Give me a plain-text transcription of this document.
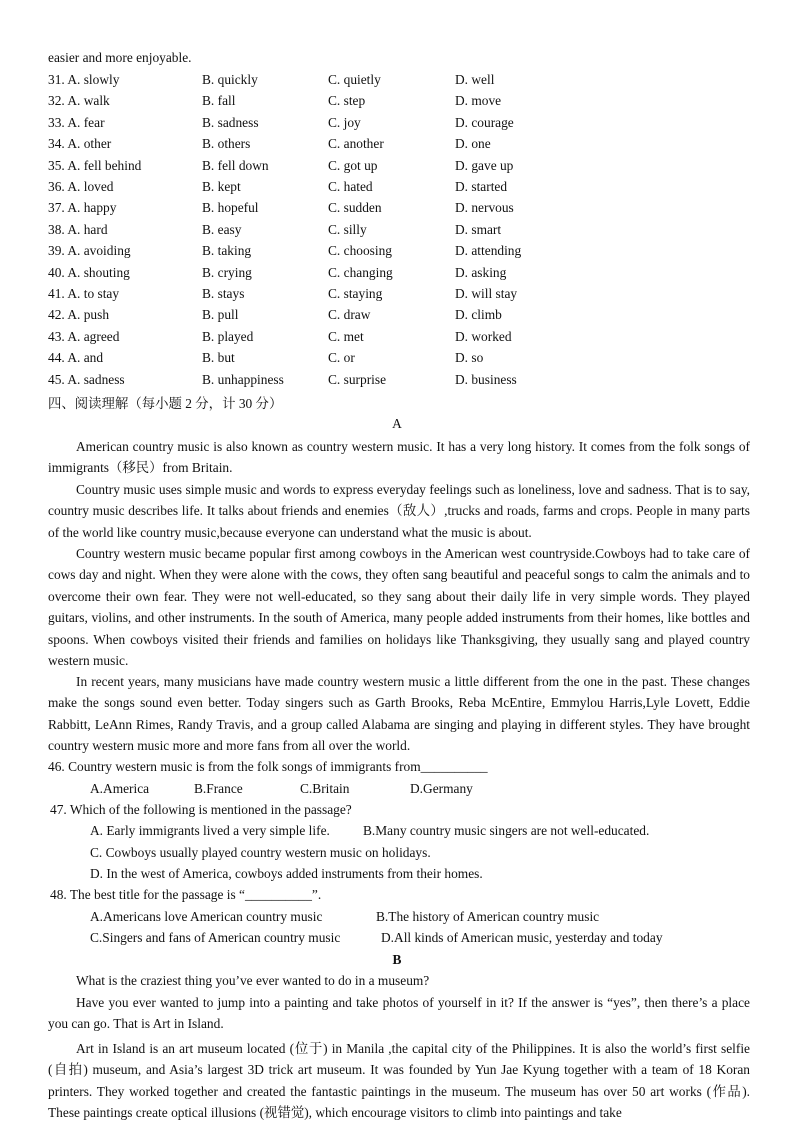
easier and more enjoyable.
31. A. slowly	B. quickly	C. quietly	D. well
32. A. walk	B. fall	C. step	D. move
33. A. fear	B. sadness	C. joy	D. courage
34. A. other	B. others	C. another	D. one
35. A. fell behind	B. fell down	C. got up	D. gave up
36. A. loved	B. kept	C. hated	D. started
37. A. happy	B. hopeful	C. sudden	D. nervous
38. A. hard	B. easy	C. silly	D. smart
39. A. avoiding	B. taking	C. choosing	D. attending
40. A. shouting	B. crying	C. changing	D. asking
41. A. to stay	B. stays	C. staying	D. will stay
42. A. push	B. pull	C. draw	D. climb
43. A. agreed	B. played	C. met	D. worked
44. A. and	B. but	C. or	D. so
45. A. sadness	B. unhappiness	C. surprise	D. business
四、阅读理解（每小题 2 分，计 30 分）
A

American country music is also known as country western music. It has a very long history. It comes from the folk songs of immigrants（移民）from Britain.

Country music uses simple music and words to express everyday feelings such as loneliness, love and sadness. That is to say, country music describes life. It talks about friends and enemies（敌人）,trucks and roads, farms and crops. People in many parts of the world like country music,because everyone can understand what the music is about.

Country western music became popular first among cowboys in the American west countryside.Cowboys had to take care of cows day and night. When they were alone with the cows, they often sang beautiful and peaceful songs to calm the animals and to overcome their own fear. They were not well-educated, so they sang about their daily life in very simple words. They played guitars, violins, and other instruments. In the south of America, many people added instruments from their homes, like bottles and spoons. When cowboys visited their friends and families on holidays like Thanksgiving, they usually sang and played country western music.

In recent years, many musicians have made country western music a little different from the one in the past. These changes make the songs sound even better. Today singers such as Garth Brooks, Reba McEntire, Emmylou Harris,Lyle Lovett, Eddie Rabbitt, LeAnn Rimes, Randy Travis, and a group called Alabama are singing and playing in different styles. They have brought country western music more and more fans from all over the world.

46. Country western music is from the folk songs of immigrants from__________
A.America	B.France	C.Britain	D.Germany
47. Which of the following is mentioned in the passage?
A. Early immigrants lived a very simple life. B.Many country music singers are not well-educated.
C. Cowboys usually played country western music on holidays.
D. In the west of America, cowboys added instruments from their homes.
48. The best title for the passage is “__________”.
A.Americans love American country music	B.The history of American country music
C.Singers and fans of American country music	D.All kinds of American music, yesterday and today
B

What is the craziest thing you’ve ever wanted to do in a museum?

Have you ever wanted to jump into a painting and take photos of yourself in it? If the answer is “yes”, then there’s a place you can go. That is Art in Island.

Art in Island is an art museum located (位于) in Manila ,the capital city of the Philippines. It is also the world’s first selfie (自拍) museum, and Asia’s largest 3D trick art museum. It was founded by Yun Jae Kyung together with a team of 18 Koran printers. They worked together and created the fantastic paintings in the museum. The museum has over 50 art works (作品). These paintings create optical illusions (视错觉), which encourage visitors to climb into paintings and take
